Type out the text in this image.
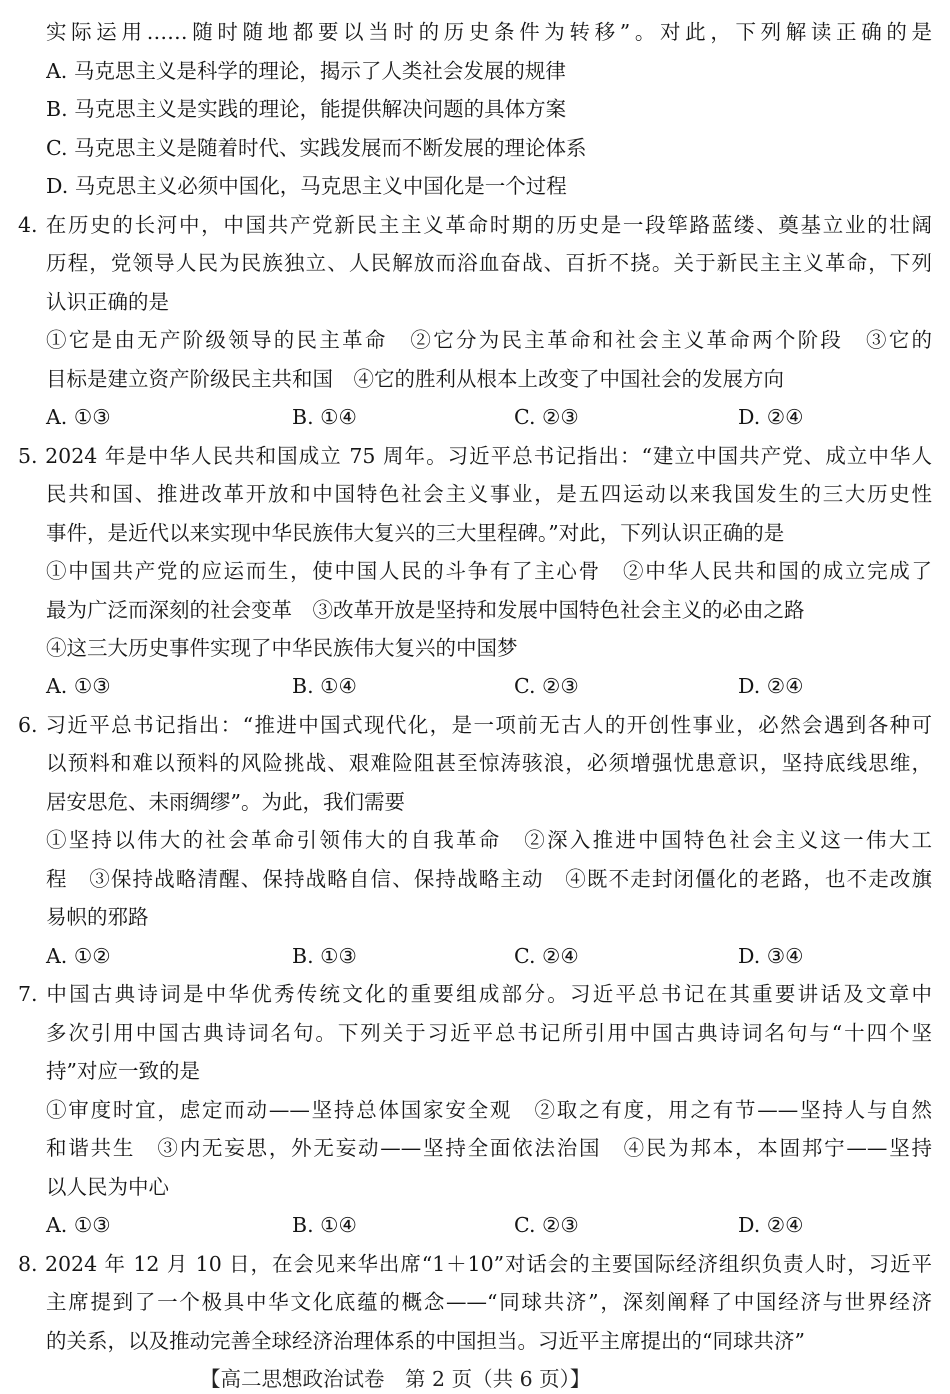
实际运用……随时随地都要以当时的历史条件为转移”。对此，下列解读正确的是
A. 马克思主义是科学的理论，揭示了人类社会发展的规律
B. 马克思主义是实践的理论，能提供解决问题的具体方案
C. 马克思主义是随着时代、实践发展而不断发展的理论体系
D. 马克思主义必须中国化，马克思主义中国化是一个过程
4. 在历史的长河中，中国共产党新民主主义革命时期的历史是一段筚路蓝缕、奠基立业的壮阔
历程，党领导人民为民族独立、人民解放而浴血奋战、百折不挠。关于新民主主义革命，下列
认识正确的是
①它是由无产阶级领导的民主革命　②它分为民主革命和社会主义革命两个阶段　③它的
目标是建立资产阶级民主共和国　④它的胜利从根本上改变了中国社会的发展方向
A. ①③	B. ①④	C. ②③	D. ②④
5. 2024 年是中华人民共和国成立 75 周年。习近平总书记指出：“建立中国共产党、成立中华人
民共和国、推进改革开放和中国特色社会主义事业，是五四运动以来我国发生的三大历史性
事件，是近代以来实现中华民族伟大复兴的三大里程碑。”对此，下列认识正确的是
①中国共产党的应运而生，使中国人民的斗争有了主心骨　②中华人民共和国的成立完成了
最为广泛而深刻的社会变革　③改革开放是坚持和发展中国特色社会主义的必由之路
④这三大历史事件实现了中华民族伟大复兴的中国梦
A. ①③	B. ①④	C. ②③	D. ②④
6. 习近平总书记指出：“推进中国式现代化，是一项前无古人的开创性事业，必然会遇到各种可
以预料和难以预料的风险挑战、艰难险阻甚至惊涛骇浪，必须增强忧患意识，坚持底线思维，
居安思危、未雨绸缪”。为此，我们需要
①坚持以伟大的社会革命引领伟大的自我革命　②深入推进中国特色社会主义这一伟大工
程　③保持战略清醒、保持战略自信、保持战略主动　④既不走封闭僵化的老路，也不走改旗
易帜的邪路
A. ①②	B. ①③	C. ②④	D. ③④
7. 中国古典诗词是中华优秀传统文化的重要组成部分。习近平总书记在其重要讲话及文章中
多次引用中国古典诗词名句。下列关于习近平总书记所引用中国古典诗词名句与“十四个坚
持”对应一致的是
①审度时宜，虑定而动——坚持总体国家安全观　②取之有度，用之有节——坚持人与自然
和谐共生　③内无妄思，外无妄动——坚持全面依法治国　④民为邦本，本固邦宁——坚持
以人民为中心
A. ①③	B. ①④	C. ②③	D. ②④
8. 2024 年 12 月 10 日，在会见来华出席“1＋10”对话会的主要国际经济组织负责人时，习近平
主席提到了一个极具中华文化底蕴的概念——“同球共济”，深刻阐释了中国经济与世界经济
的关系，以及推动完善全球经济治理体系的中国担当。习近平主席提出的“同球共济”
【高二思想政治试卷　第 2 页（共 6 页）】
